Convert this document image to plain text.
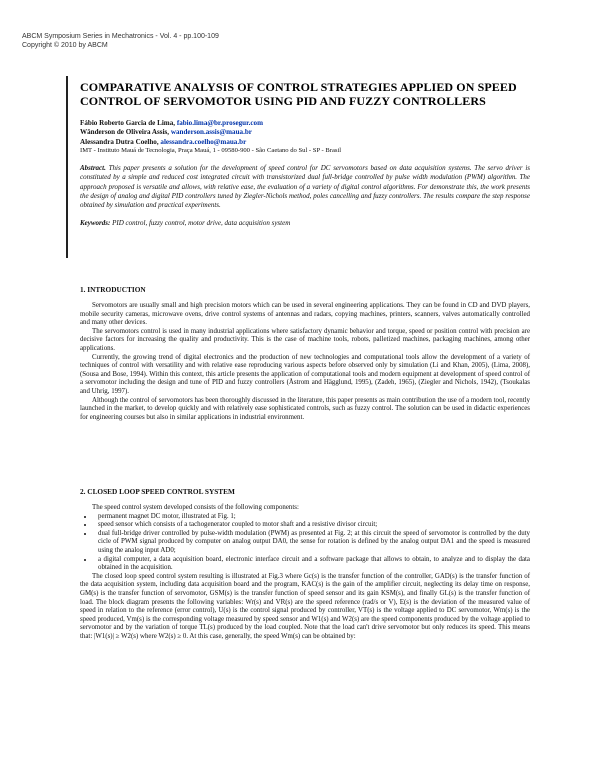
ABCM Symposium Series in Mechatronics - Vol. 4 - pp.100-109
Copyright © 2010 by ABCM
COMPARATIVE ANALYSIS OF CONTROL STRATEGIES APPLIED ON SPEED CONTROL OF SERVOMOTOR USING PID AND FUZZY CONTROLLERS
Fábio Roberto Garcia de Lima, fabio.lima@br.prosegur.com
Wânderson de Oliveira Assis, wanderson.assis@maua.br
Alessandra Dutra Coelho, alessandra.coelho@maua.br
IMT - Instituto Mauá de Tecnologia, Praça Mauá, 1 - 09580-900 - São Caetano do Sul - SP - Brasil
Abstract. This paper presents a solution for the development of speed control for DC servomotors based on data acquisition systems. The servo driver is constituted by a simple and reduced cost integrated circuit with transistorized dual full-bridge controlled by pulse width modulation (PWM) algorithm. The approach proposed is versatile and allows, with relative ease, the evaluation of a variety of digital control algorithms. For demonstrate this, the work presents the design of analog and digital PID controllers tuned by Ziegler-Nichols method, poles cancelling and fuzzy controllers. The results compare the step response obtained by simulation and practical experiments.
Keywords: PID control, fuzzy control, motor drive, data acquisition system
1. INTRODUCTION

Servomotors are usually small and high precision motors which can be used in several engineering applications. They can be found in CD and DVD players, mobile security cameras, microwave ovens, drive control systems of antennas and radars, copying machines, printers, scanners, valves automatically controlled and many other devices.

The servomotors control is used in many industrial applications where satisfactory dynamic behavior and torque, speed or position control with precision are decisive factors for increasing the quality and productivity. This is the case of machine tools, robots, palletized machines, packaging machines, among other applications.

Currently, the growing trend of digital electronics and the production of new technologies and computational tools allow the development of a variety of techniques of control with versatility and with relative ease reproducing various aspects before observed only by simulation (Li and Khan, 2005), (Lima, 2008), (Sousa and Bose, 1994). Within this context, this article presents the application of computational tools and modern equipment at development of speed control of a servomotor including the design and tune of PID and fuzzy controllers (Åstrom and Hägglund, 1995), (Zadeh, 1965), (Ziegler and Nichols, 1942), (Tsoukalas and Uhrig, 1997).

Although the control of servomotors has been thoroughly discussed in the literature, this paper presents as main contribution the use of a modern tool, recently launched in the market, to develop quickly and with relatively ease sophisticated controls, such as fuzzy control. The solution can be used in didactic experiences for engineering courses but also in similar applications in industrial environment.

2. CLOSED LOOP SPEED CONTROL SYSTEM

The speed control system developed consists of the following components:

• permanent magnet DC motor, illustrated at Fig. 1;
• speed sensor which consists of a tachogenerator coupled to motor shaft and a resistive divisor circuit;
• dual full-bridge driver controlled by pulse-width modulation (PWM) as presented at Fig. 2; at this circuit the speed of servomotor is controlled by the duty cicle of PWM signal produced by computer on analog output DA0, the sense for rotation is defined by the analog output DA1 and the speed is measured using the analog input AD0;
• a digital computer, a data acquisition board, electronic interface circuit and a software package that allows to obtain, to analyze and to display the data obtained in the acquisition.

The closed loop speed control system resulting is illustrated at Fig.3 where Gc(s) is the transfer function of the controller, GAD(s) is the transfer function of the data acquisition system, including data acquisition board and the program, KAC(s) is the gain of the amplifier circuit, neglecting its delay time on response, GM(s) is the transfer function of servomotor, GSM(s) is the transfer function of speed sensor and its gain KSM(s), and finally GL(s) is the transfer function of load. The block diagram presents the following variables: Wr(s) and VR(s) are the speed reference (rad/s or V), E(s) is the deviation of the measured value of speed in relation to the reference (error control), U(s) is the control signal produced by controller, VT(s) is the voltage applied to DC servomotor, Wm(s) is the speed produced, Vm(s) is the corresponding voltage measured by speed sensor and W1(s) and W2(s) are the speed components produced by the voltage applied to servomotor and by the variation of torque TL(s) produced by the load coupled. Note that the load can't drive servomotor but only reduces its speed. This means that: |W1(s)| ≥ W2(s) where W2(s) ≥ 0. At this case, generally, the speed Wm(s) can be obtained by:
